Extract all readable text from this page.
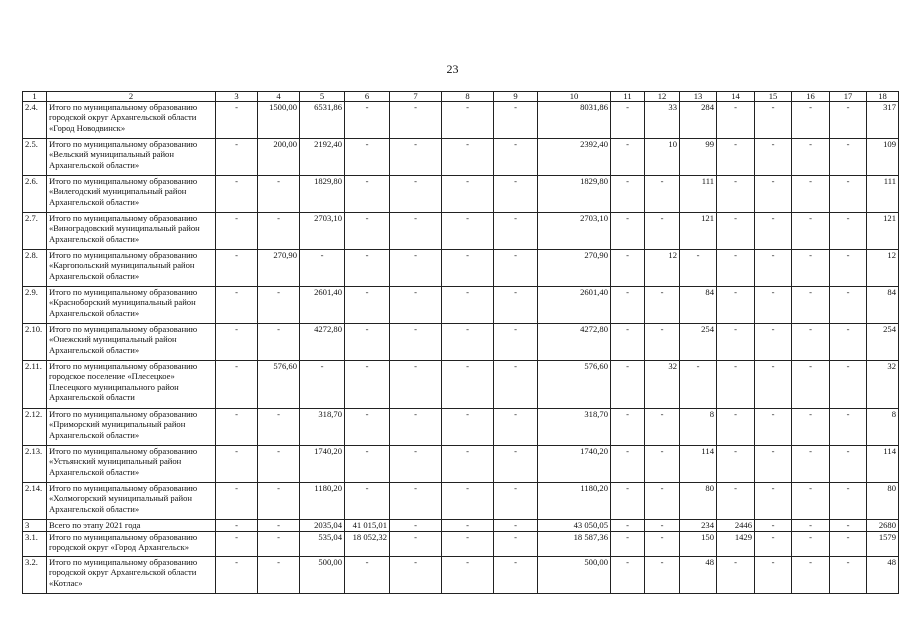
23
1	2	3	4	5	6	7	8	9	10	11	12	13	14	15	16	17	18
2.4.	Итого по муниципальному образованию городской округ Архангельской области «Город Новодвинск»	-	1500,00	6531,86	-	-	-	-	8031,86	-	33	284	-	-	-	-	317
2.5.	Итого по муниципальному образованию «Вельский муниципальный район Архангельской области»	-	200,00	2192,40	-	-	-	-	2392,40	-	10	99	-	-	-	-	109
2.6.	Итого по муниципальному образованию «Вилегодский муниципальный район Архангельской области»	-	-	1829,80	-	-	-	-	1829,80	-	-	111	-	-	-	-	111
2.7.	Итого по муниципальному образованию «Виноградовский муниципальный район Архангельской области»	-	-	2703,10	-	-	-	-	2703,10	-	-	121	-	-	-	-	121
2.8.	Итого по муниципальному образованию «Каргопольский муниципальный район Архангельской области»	-	270,90	-	-	-	-	-	270,90	-	12	-	-	-	-	-	12
2.9.	Итого по муниципальному образованию «Красноборский муниципальный район Архангельской области»	-	-	2601,40	-	-	-	-	2601,40	-	-	84	-	-	-	-	84
2.10.	Итого по муниципальному образованию «Онежский муниципальный район Архангельской области»	-	-	4272,80	-	-	-	-	4272,80	-	-	254	-	-	-	-	254
2.11.	Итого по муниципальному образованию городское поселение «Плесецкое» Плесецкого муниципального район Архангельской области	-	576,60	-	-	-	-	-	576,60	-	32	-	-	-	-	-	32
2.12.	Итого по муниципальному образованию «Приморский муниципальный район Архангельской области»	-	-	318,70	-	-	-	-	318,70	-	-	8	-	-	-	-	8
2.13.	Итого по муниципальному образованию «Устьянский муниципальный район Архангельской области»	-	-	1740,20	-	-	-	-	1740,20	-	-	114	-	-	-	-	114
2.14.	Итого по муниципальному образованию «Холмогорский муниципальный район Архангельской области»	-	-	1180,20	-	-	-	-	1180,20	-	-	80	-	-	-	-	80
3	Всего по этапу 2021 года	-	-	2035,04	41 015,01	-	-	-	43 050,05	-	-	234	2446	-	-	-	2680
3.1.	Итого по муниципальному образованию городской округ «Город Архангельск»	-	-	535,04	18 052,32	-	-	-	18 587,36	-	-	150	1429	-	-	-	1579
3.2.	Итого по муниципальному образованию городской округ Архангельской области «Котлас»	-	-	500,00	-	-	-	-	500,00	-	-	48	-	-	-	-	48
